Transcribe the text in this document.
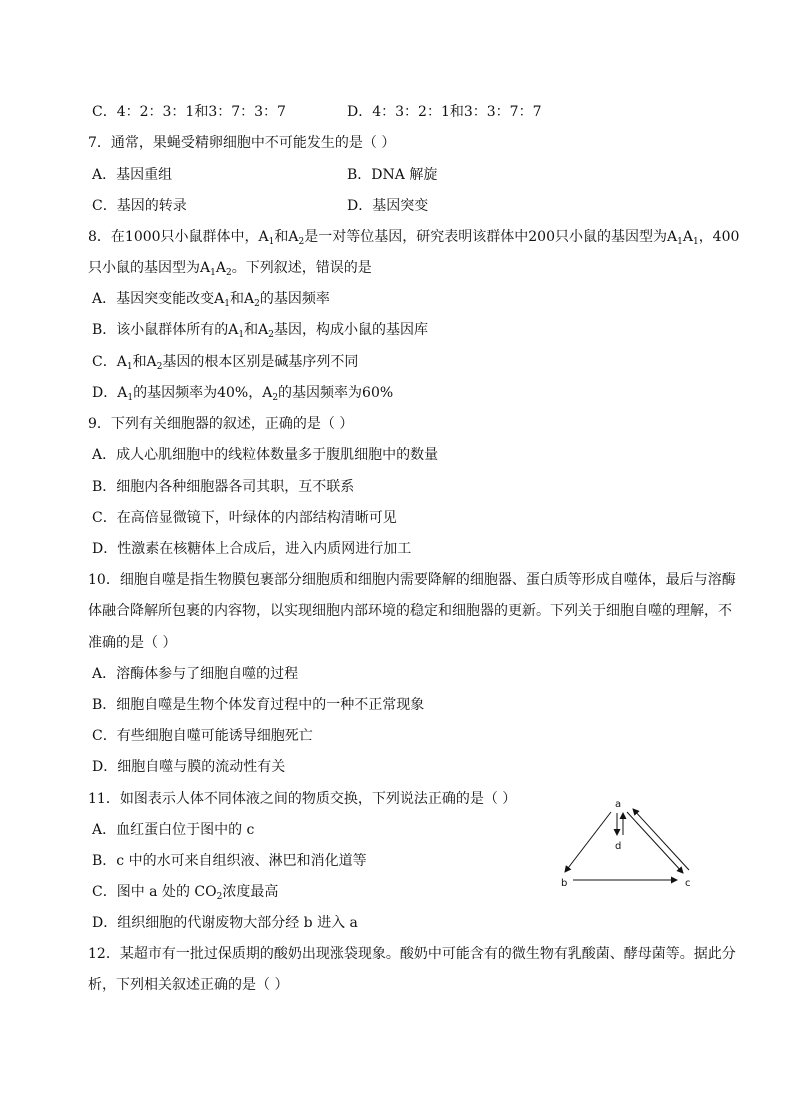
C．4：2：3：1和3：7：3：7	D．4：3：2：1和3：3：7：7
7．通常，果蝇受精卵细胞中不可能发生的是（ ）
A．基因重组	B．DNA 解旋
C．基因的转录	D．基因突变
8．在1000只小鼠群体中，$A_1$和$A_2$是一对等位基因，研究表明该群体中200只小鼠的基因型为$A_1A_1$，400
只小鼠的基因型为$A_1A_2$。下列叙述，错误的是
A．基因突变能改变$A_1$和$A_2$的基因频率
B．该小鼠群体所有的$A_1$和$A_2$基因，构成小鼠的基因库
C．$A_1$和$A_2$基因的根本区别是碱基序列不同
D．$A_1$的基因频率为40%，$A_2$的基因频率为60%
9．下列有关细胞器的叙述，正确的是（ ）
A．成人心肌细胞中的线粒体数量多于腹肌细胞中的数量
B．细胞内各种细胞器各司其职，互不联系
C．在高倍显微镜下，叶绿体的内部结构清晰可见
D．性激素在核糖体上合成后，进入内质网进行加工
10．细胞自噬是指生物膜包裹部分细胞质和细胞内需要降解的细胞器、蛋白质等形成自噬体，最后与溶酶
体融合降解所包裹的内容物，以实现细胞内部环境的稳定和细胞器的更新。下列关于细胞自噬的理解，不
准确的是（ ）
A．溶酶体参与了细胞自噬的过程
B．细胞自噬是生物个体发育过程中的一种不正常现象
C．有些细胞自噬可能诱导细胞死亡
D．细胞自噬与膜的流动性有关
11．如图表示人体不同体液之间的物质交换，下列说法正确的是（ ）
A．血红蛋白位于图中的 c
B．c 中的水可来自组织液、淋巴和消化道等
C．图中 a 处的 $CO_2$浓度最高
D．组织细胞的代谢废物大部分经 b 进入 a
a
b	c
d
12．某超市有一批过保质期的酸奶出现涨袋现象。酸奶中可能含有的微生物有乳酸菌、酵母菌等。据此分
析，下列相关叙述正确的是（ ）
